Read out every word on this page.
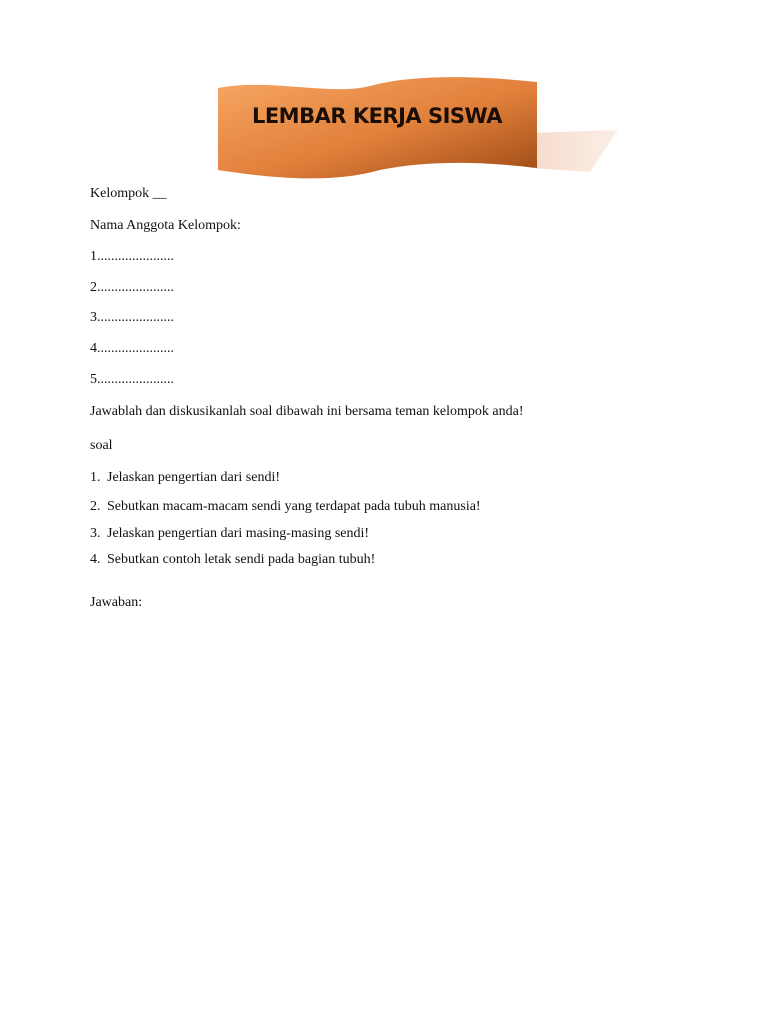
LEMBAR KERJA SISWA
Kelompok __
Nama Anggota Kelompok:
1......................
2......................
3......................
4......................
5......................
Jawablah dan diskusikanlah soal dibawah ini bersama teman kelompok anda!
soal
1. Jelaskan pengertian dari sendi!
2. Sebutkan macam-macam sendi yang terdapat pada tubuh manusia!
3. Jelaskan pengertian dari masing-masing sendi!
4. Sebutkan contoh letak sendi pada bagian tubuh!
Jawaban:
